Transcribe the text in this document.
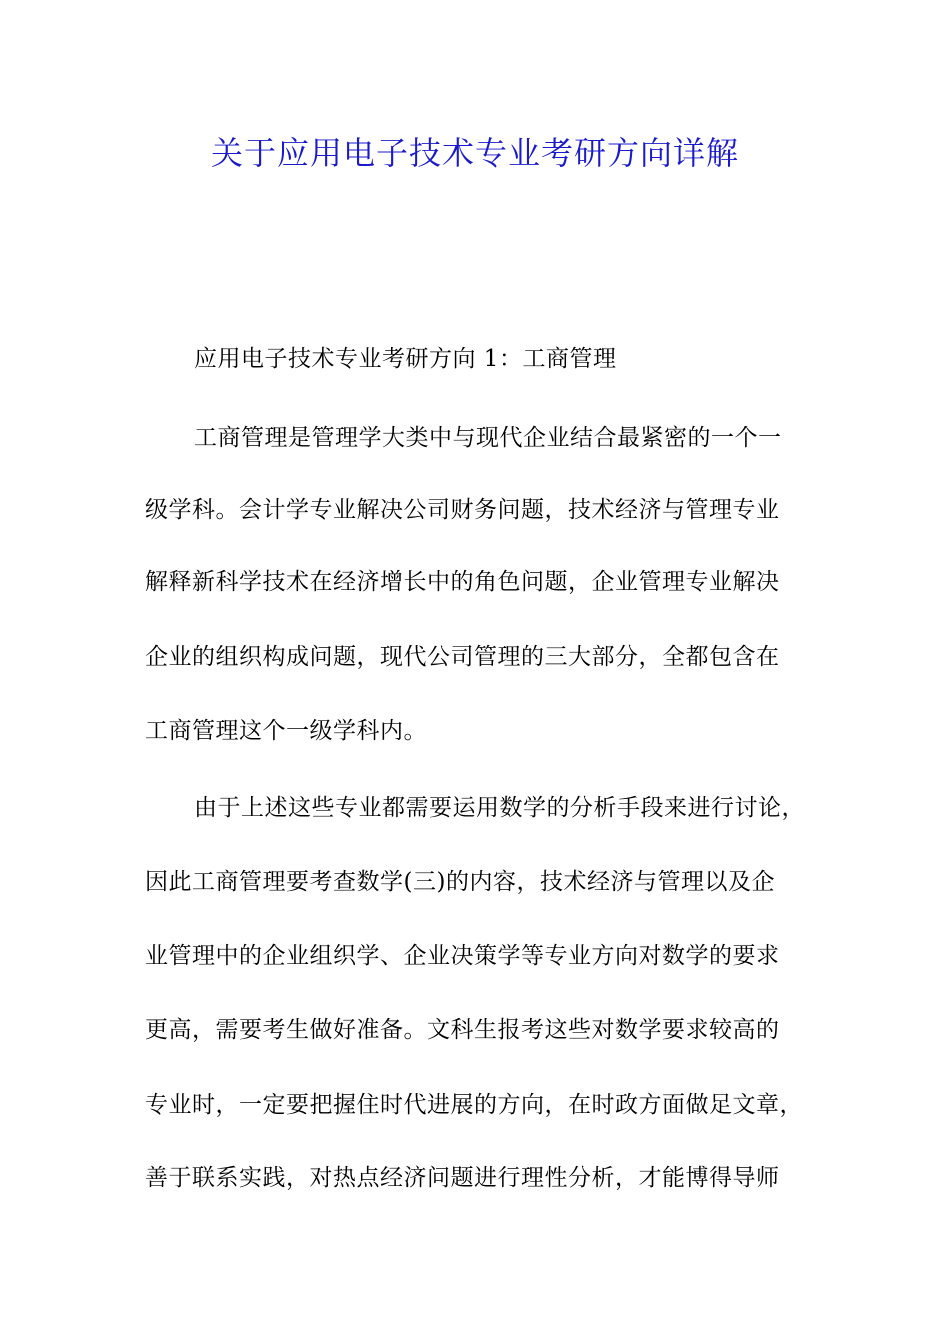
关于应用电子技术专业考研方向详解
应用电子技术专业考研方向 1：工商管理
工商管理是管理学大类中与现代企业结合最紧密的一个一
级学科。会计学专业解决公司财务问题，技术经济与管理专业
解释新科学技术在经济增长中的角色问题，企业管理专业解决
企业的组织构成问题，现代公司管理的三大部分，全都包含在
工商管理这个一级学科内。
由于上述这些专业都需要运用数学的分析手段来进行讨论，
因此工商管理要考查数学(三)的内容，技术经济与管理以及企
业管理中的企业组织学、企业决策学等专业方向对数学的要求
更高，需要考生做好准备。文科生报考这些对数学要求较高的
专业时，一定要把握住时代进展的方向，在时政方面做足文章，
善于联系实践，对热点经济问题进行理性分析，才能博得导师
